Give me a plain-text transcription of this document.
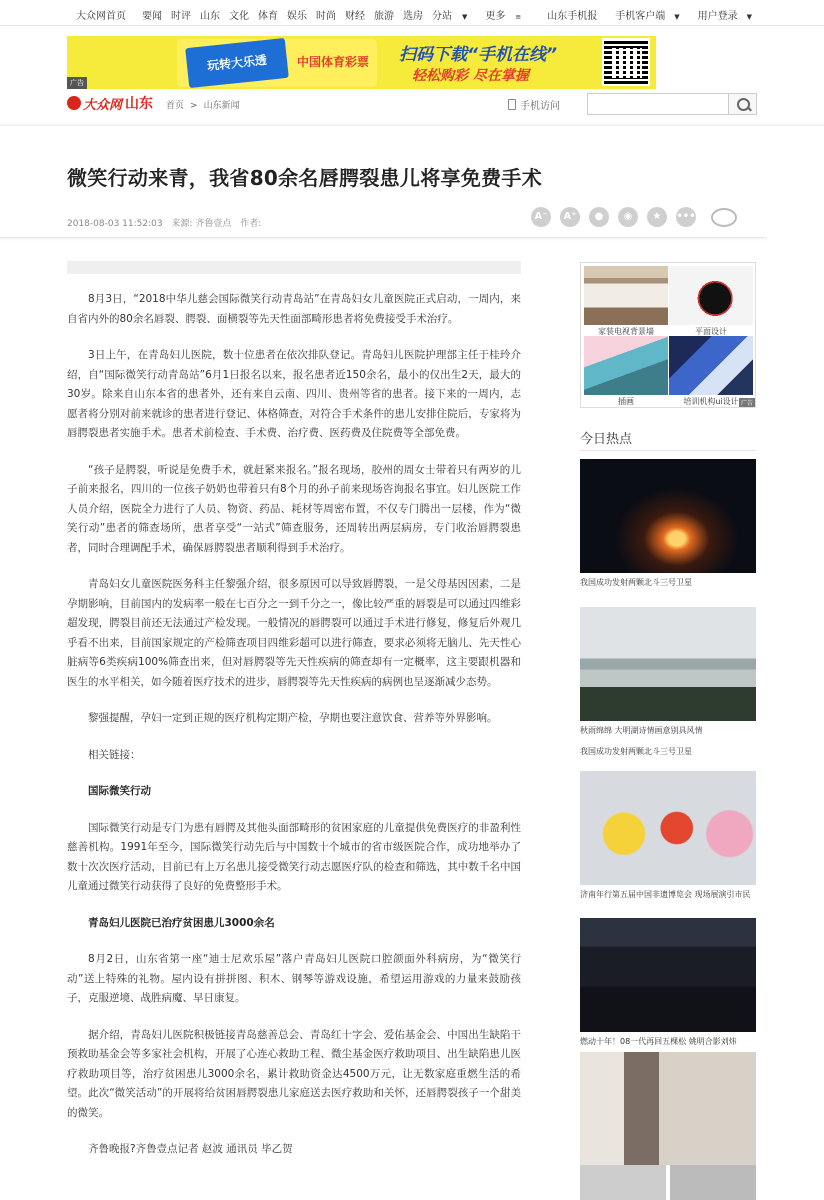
大众网首页 要闻 时评 山东 文化 体育 娱乐 时尚 财经 旅游 选房 分站 ▼	更多 ≡	山东手机报	手机客户端 ▼	用户登录 ▼
玩转大乐透	中国体育彩票 扫码下载“手机在线”
轻松购彩 尽在掌握
广告
大众网 山东 首页 > 山东新闻	手机访问
微笑行动来青，我省80余名唇腭裂患儿将享免费手术
2018-08-03 11:52:03 来源: 齐鲁壹点 作者:
A⁻	A⁺	●	◉	★	•••

8月3日，“2018中华儿慈会国际微笑行动青岛站”在青岛妇女儿童医院正式启动，一周内，来自省内外的80余名唇裂、腭裂、面横裂等先天性面部畸形患者将免费接受手术治疗。

3日上午，在青岛妇儿医院，数十位患者在依次排队登记。青岛妇儿医院护理部主任于桂玲介绍，自“国际微笑行动青岛站”6月1日报名以来，报名患者近150余名，最小的仅出生2天，最大的30岁。除来自山东本省的患者外，还有来自云南、四川、贵州等省的患者。接下来的一周内，志愿者将分别对前来就诊的患者进行登记、体格筛查，对符合手术条件的患儿安排住院后，专家将为唇腭裂患者实施手术。患者术前检查、手术费、治疗费、医药费及住院费等全部免费。

“孩子是腭裂，听说是免费手术，就赶紧来报名。”报名现场，胶州的周女士带着只有两岁的儿子前来报名，四川的一位孩子奶奶也带着只有8个月的孙子前来现场咨询报名事宜。妇儿医院工作人员介绍，医院全力进行了人员、物资、药品、耗材等周密布置，不仅专门腾出一层楼，作为“微笑行动”患者的筛查场所，患者享受“一站式”筛查服务，还周转出两层病房，专门收治唇腭裂患者，同时合理调配手术，确保唇腭裂患者顺利得到手术治疗。

青岛妇女儿童医院医务科主任黎强介绍，很多原因可以导致唇腭裂，一是父母基因因素，二是孕期影响，目前国内的发病率一般在七百分之一到千分之一，像比较严重的唇裂是可以通过四维彩超发现，腭裂目前还无法通过产检发现。一般情况的唇腭裂可以通过手术进行修复，修复后外观几乎看不出来，目前国家规定的产检筛查项目四维彩超可以进行筛查，要求必须将无脑儿、先天性心脏病等6类疾病100%筛查出来，但对唇腭裂等先天性疾病的筛查却有一定概率，这主要跟机器和医生的水平相关，如今随着医疗技术的进步，唇腭裂等先天性疾病的病例也呈逐渐减少态势。

黎强提醒，孕妇一定到正规的医疗机构定期产检，孕期也要注意饮食、营养等外界影响。

相关链接：

国际微笑行动

国际微笑行动是专门为患有唇腭及其他头面部畸形的贫困家庭的儿童提供免费医疗的非盈利性慈善机构。1991年至今，国际微笑行动先后与中国数十个城市的省市级医院合作，成功地举办了数十次次医疗活动，目前已有上万名患儿接受微笑行动志愿医疗队的检查和筛选，其中数千名中国儿童通过微笑行动获得了良好的免费整形手术。

青岛妇儿医院已治疗贫困患儿3000余名

8月2日，山东省第一座“迪士尼欢乐屋”落户青岛妇儿医院口腔颌面外科病房，为“微笑行动”送上特殊的礼物。屋内设有拼拼图、积木、钢琴等游戏设施，希望运用游戏的力量来鼓励孩子，克服逆境、战胜病魔、早日康复。

据介绍，青岛妇儿医院积极链接青岛慈善总会、青岛红十字会、爱佑基金会、中国出生缺陷干预救助基金会等多家社会机构，开展了心连心救助工程、微尘基金医疗救助项目、出生缺陷患儿医疗救助项目等，治疗贫困患儿3000余名，累计救助资金达4500万元，让无数家庭重燃生活的希望。此次“微笑活动”的开展将给贫困唇腭裂患儿家庭送去医疗救助和关怀，还唇腭裂孩子一个甜美的微笑。

齐鲁晚报?齐鲁壹点记者 赵波 通讯员 毕乙贺

家装电视背景墙	平面设计
插画	培训机构ui设计 广告
今日热点
我国成功发射两颗北斗三号卫星
秋雨绵绵 大明湖诗情画意别具风情
我国成功发射两颗北斗三号卫星
济南年行第五届中国非遗博览会 现场展演引市民
燃动十年！08一代再回五棵松 姚明合影刘炜
